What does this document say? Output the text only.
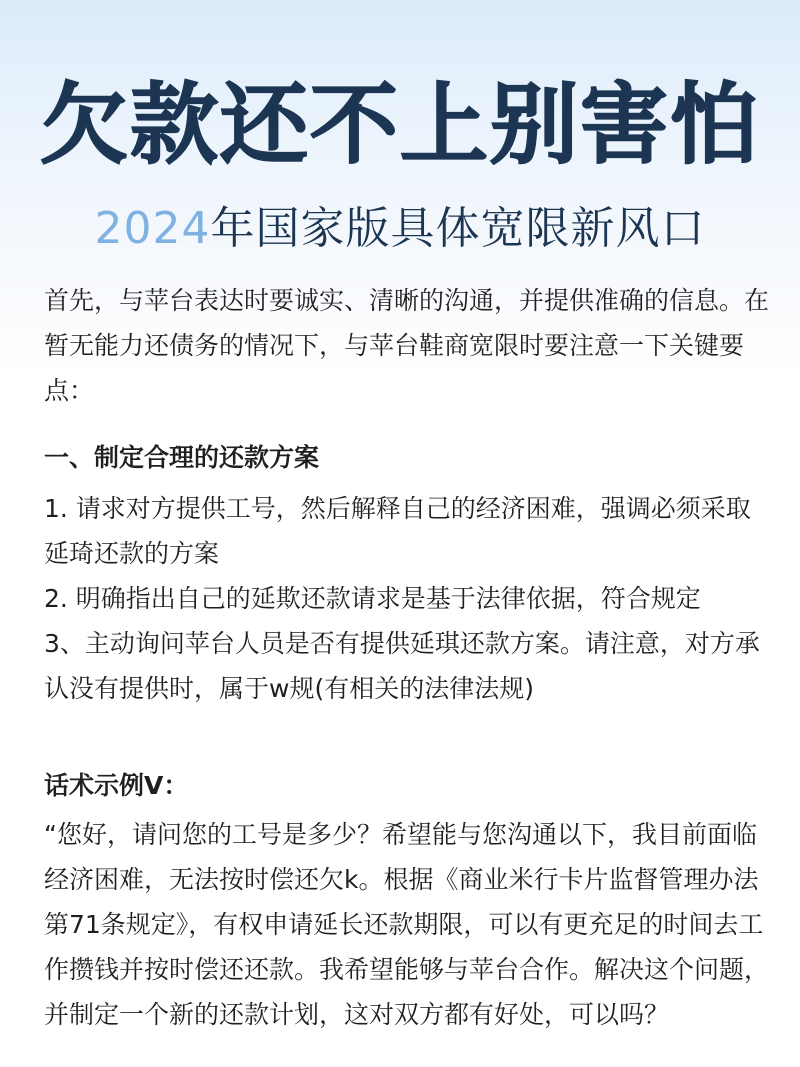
欠款还不上别害怕
2024年国家版具体宽限新风口

首先，与苹台表达时要诚实、清晰的沟通，并提供准确的信息。在暂无能力还债务的情况下，与苹台鞋商宽限时要注意一下关键要点：

一、制定合理的还款方案

1. 请求对方提供工号，然后解释自己的经济困难，强调必须采取延琦还款的方案

2. 明确指出自己的延欺还款请求是基于法律依据，符合规定

3、主动询问苹台人员是否有提供延琪还款方案。请注意，对方承认没有提供时，属于w规(有相关的法律法规)

话术示例V：

“您好，请问您的工号是多少？希望能与您沟通以下，我目前面临经济困难，无法按时偿还欠k。根据《商业米行卡片监督管理办法第71条规定》，有权申请延长还款期限，可以有更充足的时间去工作攒钱并按时偿还还款。我希望能够与苹台合作。解决这个问题，并制定一个新的还款计划，这对双方都有好处，可以吗？
